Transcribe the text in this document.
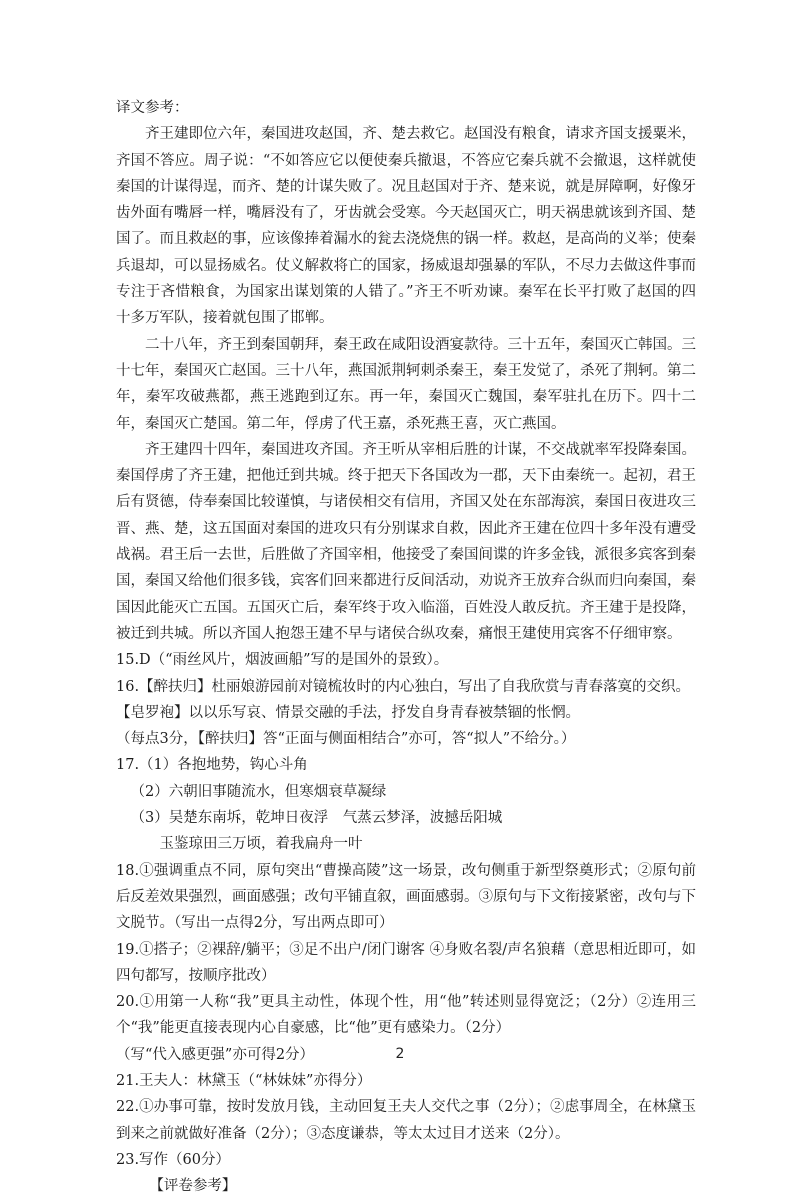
译文参考：

齐王建即位六年，秦国进攻赵国，齐、楚去救它。赵国没有粮食，请求齐国支援粟米，齐国不答应。周子说：“不如答应它以便使秦兵撤退，不答应它秦兵就不会撤退，这样就使秦国的计谋得逞，而齐、楚的计谋失败了。况且赵国对于齐、楚来说，就是屏障啊，好像牙齿外面有嘴唇一样，嘴唇没有了，牙齿就会受寒。今天赵国灭亡，明天祸患就该到齐国、楚国了。而且救赵的事，应该像捧着漏水的瓮去浇烧焦的锅一样。救赵，是高尚的义举；使秦兵退却，可以显扬威名。仗义解救将亡的国家，扬威退却强暴的军队，不尽力去做这件事而专注于吝惜粮食，为国家出谋划策的人错了。”齐王不听劝谏。秦军在长平打败了赵国的四十多万军队，接着就包围了邯郸。

二十八年，齐王到秦国朝拜，秦王政在咸阳设酒宴款待。三十五年，秦国灭亡韩国。三十七年，秦国灭亡赵国。三十八年，燕国派荆轲刺杀秦王，秦王发觉了，杀死了荆轲。第二年，秦军攻破燕都，燕王逃跑到辽东。再一年，秦国灭亡魏国，秦军驻扎在历下。四十二年，秦国灭亡楚国。第二年，俘虏了代王嘉，杀死燕王喜，灭亡燕国。

齐王建四十四年，秦国进攻齐国。齐王听从宰相后胜的计谋，不交战就率军投降秦国。秦国俘虏了齐王建，把他迁到共城。终于把天下各国改为一郡，天下由秦统一。起初，君王后有贤德，侍奉秦国比较谨慎，与诸侯相交有信用，齐国又处在东部海滨，秦国日夜进攻三晋、燕、楚，这五国面对秦国的进攻只有分别谋求自救，因此齐王建在位四十多年没有遭受战祸。君王后一去世，后胜做了齐国宰相，他接受了秦国间谍的许多金钱，派很多宾客到秦国，秦国又给他们很多钱，宾客们回来都进行反间活动，劝说齐王放弃合纵而归向秦国，秦国因此能灭亡五国。五国灭亡后，秦军终于攻入临淄，百姓没人敢反抗。齐王建于是投降，被迁到共城。所以齐国人抱怨王建不早与诸侯合纵攻秦，痛恨王建使用宾客不仔细审察。

15.D（“雨丝风片，烟波画船”写的是国外的景致）。

16.【醉扶归】杜丽娘游园前对镜梳妆时的内心独白，写出了自我欣赏与青春落寞的交织。

【皂罗袍】以以乐写哀、情景交融的手法，抒发自身青春被禁锢的怅惘。

（每点3分，【醉扶归】答“正面与侧面相结合”亦可，答“拟人”不给分。）

17.（1）各抱地势，钩心斗角

（2）六朝旧事随流水，但寒烟衰草凝绿

（3）吴楚东南坼，乾坤日夜浮　气蒸云梦泽，波撼岳阳城

玉鉴琼田三万顷，着我扁舟一叶

18.①强调重点不同，原句突出“曹操高陵”这一场景，改句侧重于新型祭奠形式；②原句前后反差效果强烈，画面感强；改句平铺直叙，画面感弱。③原句与下文衔接紧密，改句与下文脱节。（写出一点得2分，写出两点即可）

19.①搭子；②裸辞/躺平；③足不出户/闭门谢客 ④身败名裂/声名狼藉（意思相近即可，如四句都写，按顺序批改）

20.①用第一人称“我”更具主动性，体现个性，用“他”转述则显得宽泛；（2分）②连用三个“我”能更直接表现内心自豪感，比“他”更有感染力。（2分）

（写“代入感更强”亦可得2分）

21.王夫人：林黛玉（“林妹妹”亦得分）

22.①办事可靠，按时发放月钱，主动回复王夫人交代之事（2分）；②虑事周全，在林黛玉到来之前就做好准备（2分）；③态度谦恭，等太太过目才送来（2分）。

23.写作（60分）

【评卷参考】

2
